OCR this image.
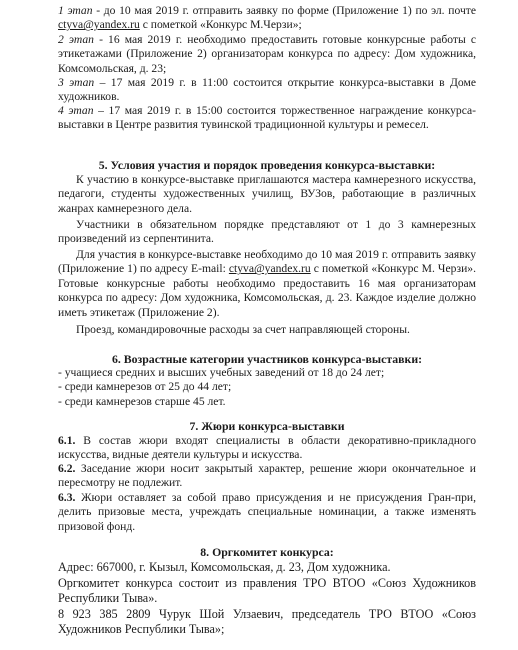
1 этап - до 10 мая 2019 г. отправить заявку по форме (Приложение 1) по эл. почте ctyva@yandex.ru с пометкой «Конкурс М.Черзи»;
2 этап - 16 мая 2019 г. необходимо предоставить готовые конкурсные работы с этикетажами (Приложение 2) организаторам конкурса по адресу: Дом художника, Комсомольская, д. 23;
3 этап – 17 мая 2019 г. в 11:00 состоится открытие конкурса-выставки в Доме художников.
4 этап – 17 мая 2019 г. в 15:00 состоится торжественное награждение конкурса-выставки в Центре развития тувинской традиционной культуры и ремесел.
5. Условия участия и порядок проведения конкурса-выставки:
К участию в конкурсе-выставке приглашаются мастера камнерезного искусства, педагоги, студенты художественных училищ, ВУЗов, работающие в различных жанрах камнерезного дела.
Участники в обязательном порядке представляют от 1 до 3 камнерезных произведений из серпентинита.
Для участия в конкурсе-выставке необходимо до 10 мая 2019 г. отправить заявку (Приложение 1) по адресу E-mail: ctyva@yandex.ru с пометкой «Конкурс М. Черзи». Готовые конкурсные работы необходимо предоставить 16 мая организаторам конкурса по адресу: Дом художника, Комсомольская, д. 23. Каждое изделие должно иметь этикетаж (Приложение 2).
Проезд, командировочные расходы за счет направляющей стороны.
6. Возрастные категории участников конкурса-выставки:
- учащиеся средних и высших учебных заведений от 18 до 24 лет;
- среди камнерезов от 25 до 44 лет;
- среди камнерезов старше 45 лет.
7. Жюри конкурса-выставки
6.1. В состав жюри входят специалисты в области декоративно-прикладного искусства, видные деятели культуры и искусства.
6.2. Заседание жюри носит закрытый характер, решение жюри окончательное и пересмотру не подлежит.
6.3. Жюри оставляет за собой право присуждения и не присуждения Гран-при, делить призовые места, учреждать специальные номинации, а также изменять призовой фонд.
8. Оргкомитет конкурса:
Адрес: 667000, г. Кызыл, Комсомольская, д. 23, Дом художника.
Оргкомитет конкурса состоит из правления ТРО ВТОО «Союз Художников Республики Тыва».
8 923 385 2809 Чурук Шой Улзаевич, председатель ТРО ВТОО «Союз Художников Республики Тыва»;
